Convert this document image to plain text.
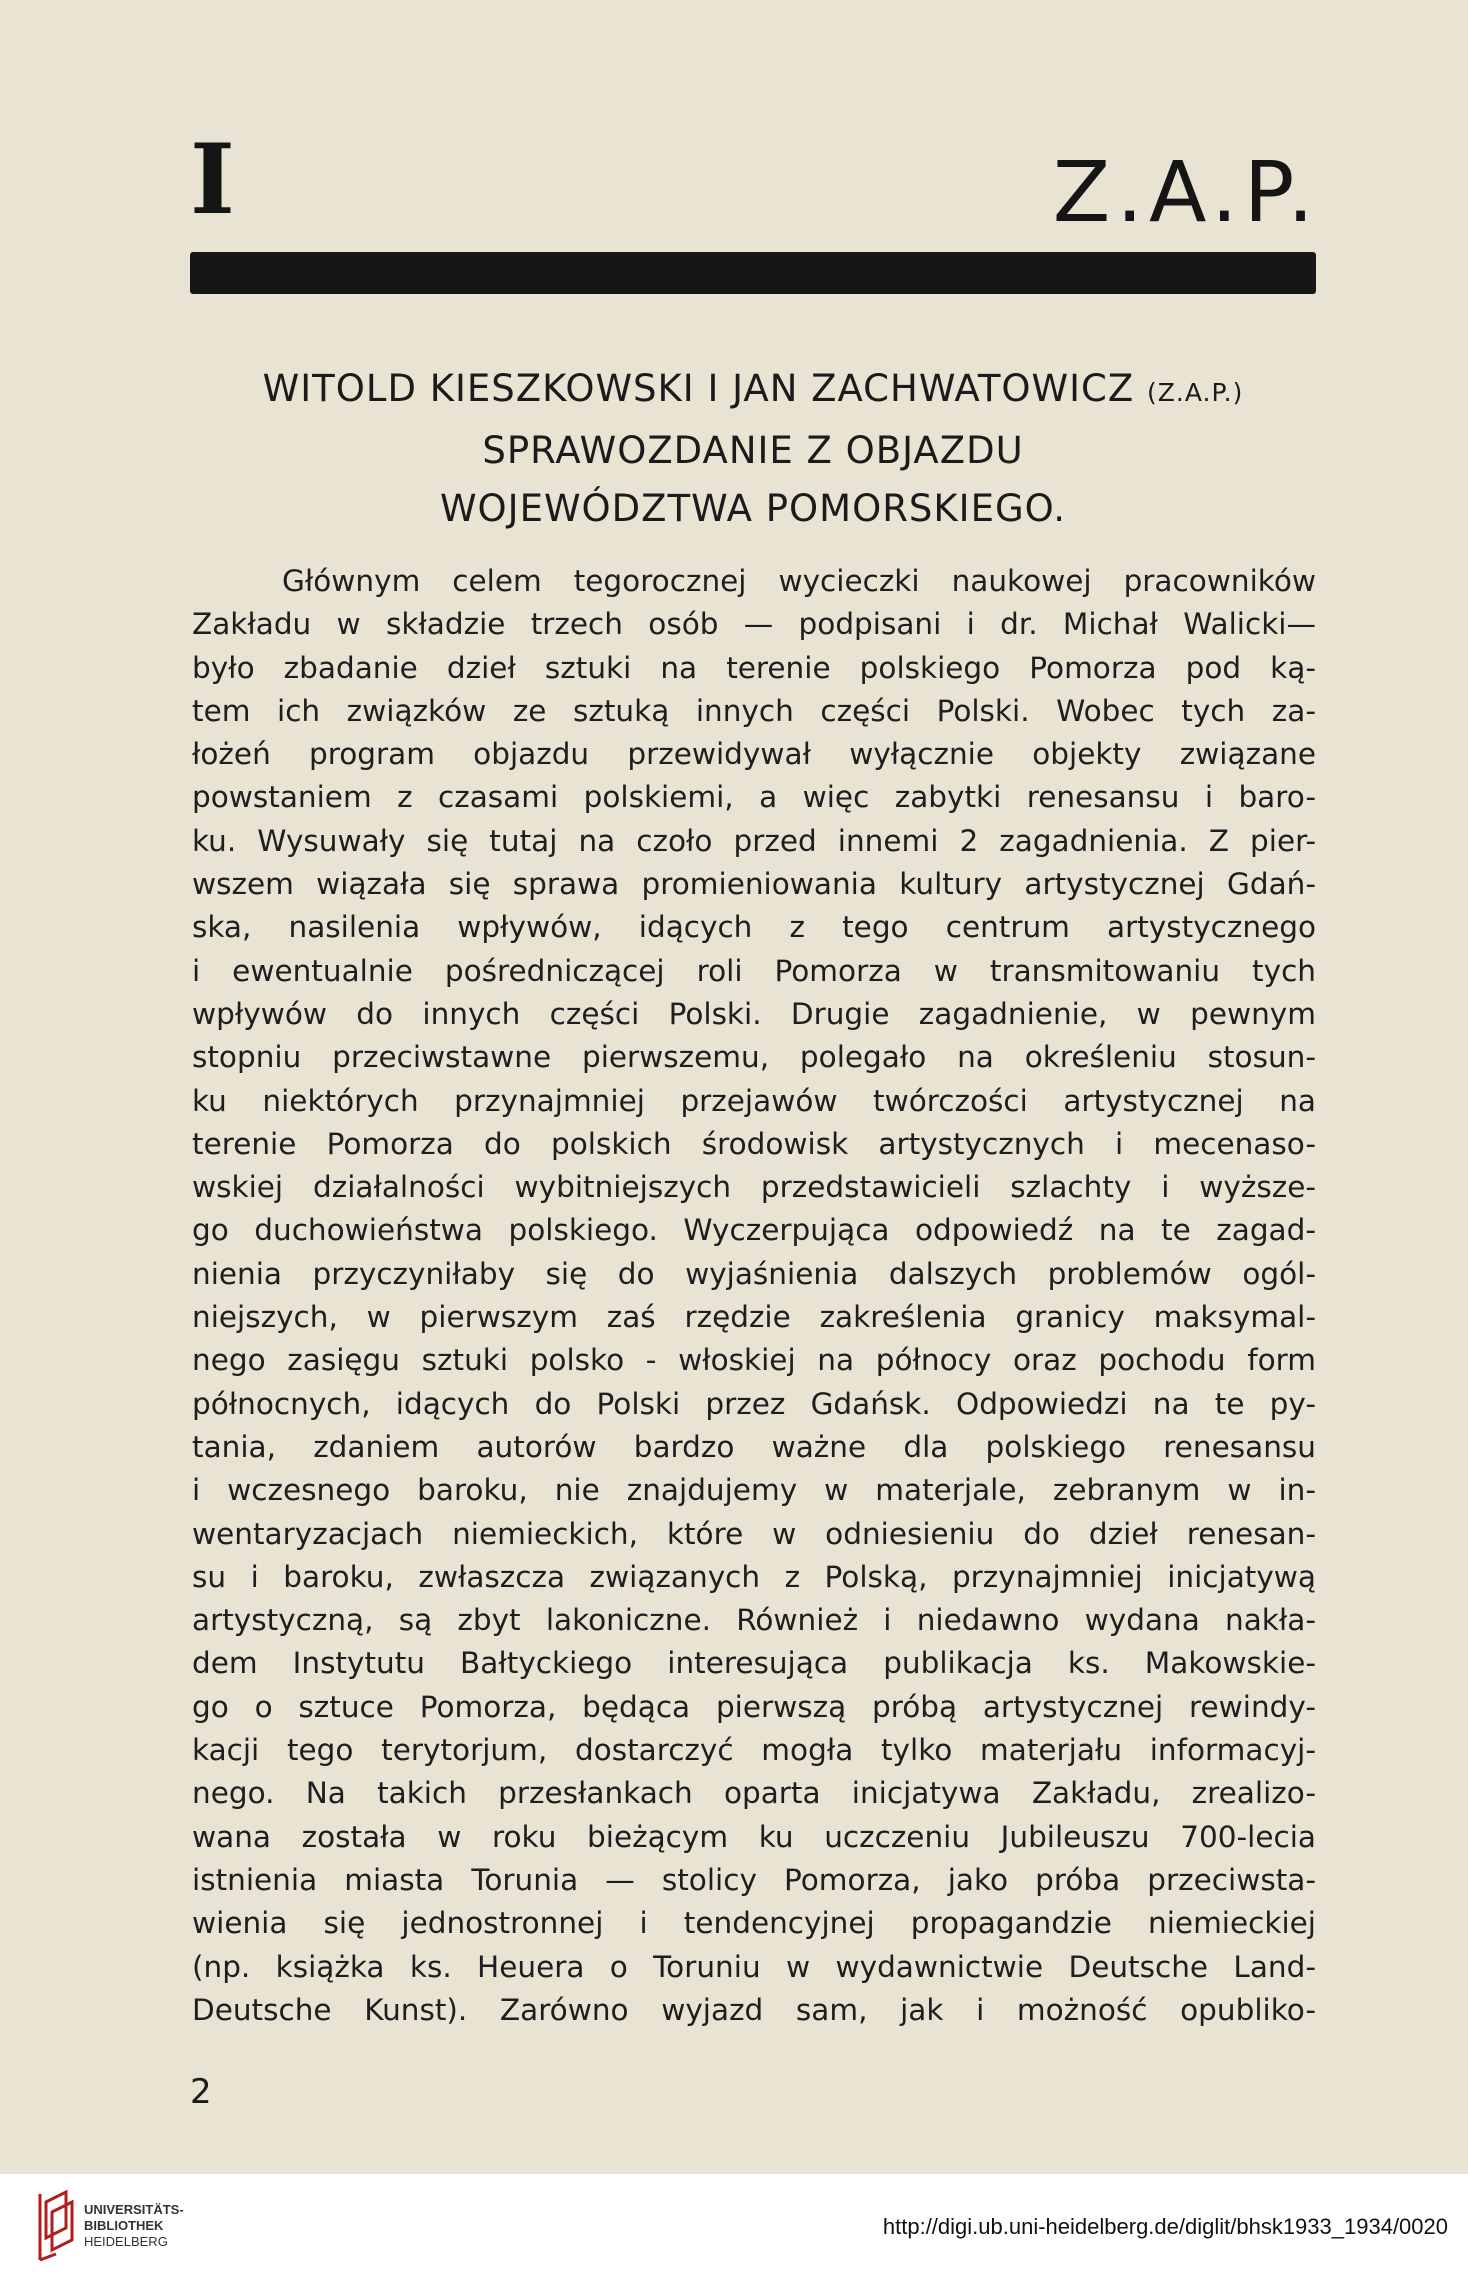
I	Z.A.P.
WITOLD KIESZKOWSKI I JAN ZACHWATOWICZ (Z.A.P.)
SPRAWOZDANIE Z OBJAZDU
WOJEWÓDZTWA POMORSKIEGO.
Głównym celem tegorocznej wycieczki naukowej pracowników
Zakładu w składzie trzech osób — podpisani i dr. Michał Walicki—
było zbadanie dzieł sztuki na terenie polskiego Pomorza pod ką-
tem ich związków ze sztuką innych części Polski. Wobec tych za-
łożeń program objazdu przewidywał wyłącznie objekty związane
powstaniem z czasami polskiemi, a więc zabytki renesansu i baro-
ku. Wysuwały się tutaj na czoło przed innemi 2 zagadnienia. Z pier-
wszem wiązała się sprawa promieniowania kultury artystycznej Gdań-
ska, nasilenia wpływów, idących z tego centrum artystycznego
i ewentualnie pośredniczącej roli Pomorza w transmitowaniu tych
wpływów do innych części Polski. Drugie zagadnienie, w pewnym
stopniu przeciwstawne pierwszemu, polegało na określeniu stosun-
ku niektórych przynajmniej przejawów twórczości artystycznej na
terenie Pomorza do polskich środowisk artystycznych i mecenaso-
wskiej działalności wybitniejszych przedstawicieli szlachty i wyższe-
go duchowieństwa polskiego. Wyczerpująca odpowiedź na te zagad-
nienia przyczyniłaby się do wyjaśnienia dalszych problemów ogól-
niejszych, w pierwszym zaś rzędzie zakreślenia granicy maksymal-
nego zasięgu sztuki polsko - włoskiej na północy oraz pochodu form
północnych, idących do Polski przez Gdańsk. Odpowiedzi na te py-
tania, zdaniem autorów bardzo ważne dla polskiego renesansu
i wczesnego baroku, nie znajdujemy w materjale, zebranym w in-
wentaryzacjach niemieckich, które w odniesieniu do dzieł renesan-
su i baroku, zwłaszcza związanych z Polską, przynajmniej inicjatywą
artystyczną, są zbyt lakoniczne. Również i niedawno wydana nakła-
dem Instytutu Bałtyckiego interesująca publikacja ks. Makowskie-
go o sztuce Pomorza, będąca pierwszą próbą artystycznej rewindy-
kacji tego terytorjum, dostarczyć mogła tylko materjału informacyj-
nego. Na takich przesłankach oparta inicjatywa Zakładu, zrealizo-
wana została w roku bieżącym ku uczczeniu Jubileuszu 700-lecia
istnienia miasta Torunia — stolicy Pomorza, jako próba przeciwsta-
wienia się jednostronnej i tendencyjnej propagandzie niemieckiej
(np. książka ks. Heuera o Toruniu w wydawnictwie Deutsche Land-
Deutsche Kunst). Zarówno wyjazd sam, jak i możność opubliko-
2
UNIVERSITÄTS-
BIBLIOTHEK
HEIDELBERG
http://digi.ub.uni-heidelberg.de/diglit/bhsk1933_1934/0020
